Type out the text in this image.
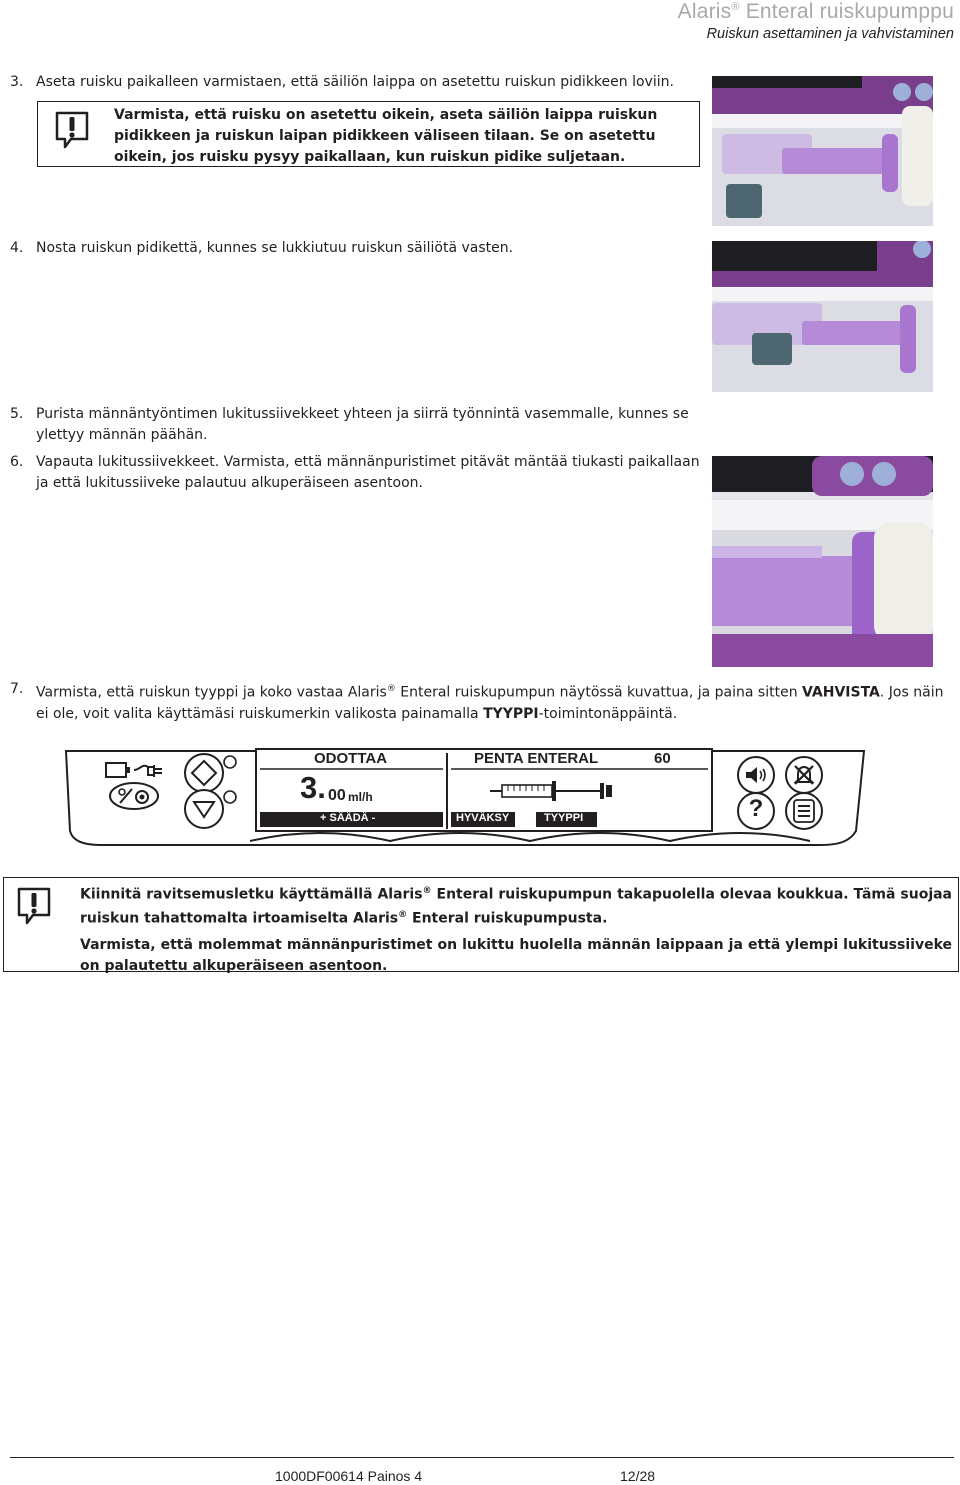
Alaris® Enteral ruiskupumppu
Ruiskun asettaminen ja vahvistaminen
3. Aseta ruisku paikalleen varmistaen, että säiliön laippa on asetettu ruiskun pidikkeen loviin.
Varmista, että ruisku on asetettu oikein, aseta säiliön laippa ruiskun pidikkeen ja ruiskun laipan pidikkeen väliseen tilaan. Se on asetettu oikein, jos ruisku pysyy paikallaan, kun ruiskun pidike suljetaan.
4. Nosta ruiskun pidikettä, kunnes se lukkiutuu ruiskun säiliötä vasten.
5. Purista männäntyöntimen lukitussiivekkeet yhteen ja siirrä työnnintä vasemmalle, kunnes se ylettyy männän päähän.
6. Vapauta lukitussiivekkeet. Varmista, että männänpuristimet pitävät mäntää tiukasti paikallaan ja että lukitussiiveke palautuu alkuperäiseen asentoon.
7. Varmista, että ruiskun tyyppi ja koko vastaa Alaris® Enteral ruiskupumpun näytössä kuvattua, ja paina sitten VAHVISTA. Jos näin ei ole, voit valita käyttämäsi ruiskumerkin valikosta painamalla TYYPPI-toimintonäppäintä.
?
ODOTTAA	PENTA ENTERAL	60
3. 00 ml/h
+ SÄÄDÄ -	HYVÄKSY	TYYPPI

Kiinnitä ravitsemusletku käyttämällä Alaris® Enteral ruiskupumpun takapuolella olevaa koukkua. Tämä suojaa ruiskun tahattomalta irtoamiselta Alaris® Enteral ruiskupumpusta.

Varmista, että molemmat männänpuristimet on lukittu huolella männän laippaan ja että ylempi lukitussiiveke on palautettu alkuperäiseen asentoon.

1000DF00614 Painos 4	12/28
